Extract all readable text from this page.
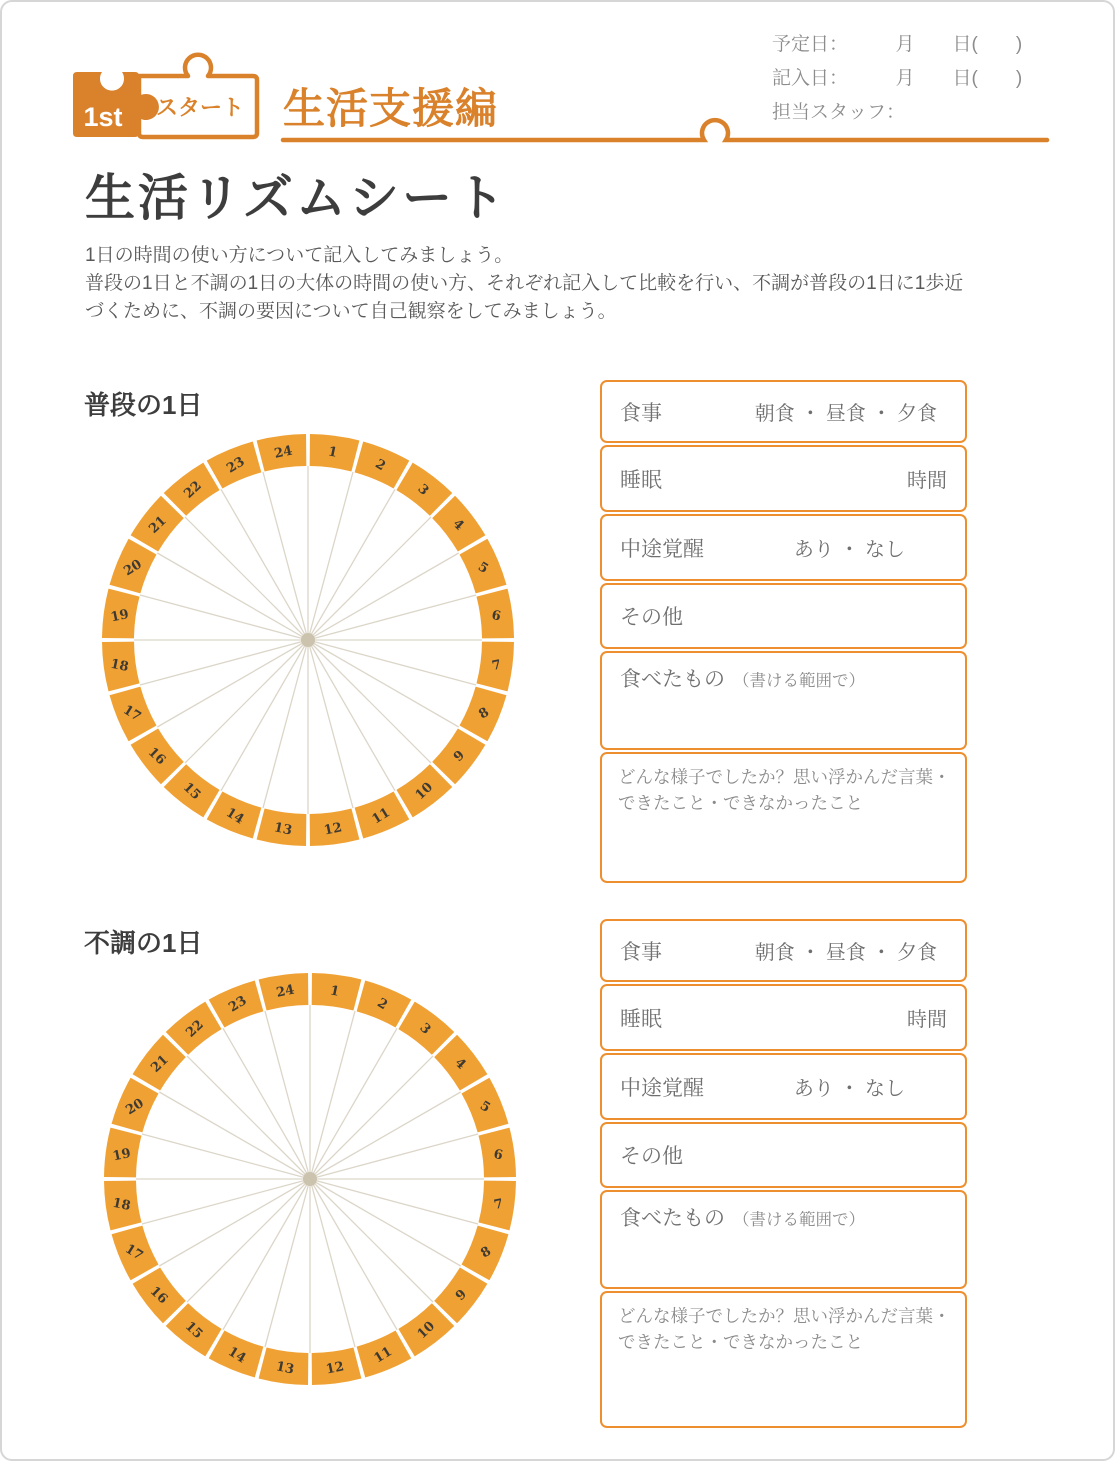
1st スタート 生活支援編
予定日：　　　月　　日(　　)
記入日：　　　月　　日(　　)
担当スタッフ：
生活リズムシート
1日の時間の使い方について記入してみましょう。
普段の1日と不調の1日の大体の時間の使い方、それぞれ記入して比較を行い、不調が普段の1日に1歩近
づくために、不調の要因について自己観察をしてみましょう。
普段の1日
1
2
3
4
5
6
7
8
9
10
11
12
13
14
15
16
17
18
19
20
21
22
23
24
食事	朝食 ・ 昼食 ・ 夕食
睡眠	時間
中途覚醒	あり ・ なし
その他
食べたもの （書ける範囲で）
どんな様子でしたか？思い浮かんだ言葉・できたこと・できなかったこと
不調の1日
1
2
3
4
5
6
7
8
9
10
11
12
13
14
15
16
17
18
19
20
21
22
23
24
食事	朝食 ・ 昼食 ・ 夕食
睡眠	時間
中途覚醒	あり ・ なし
その他
食べたもの （書ける範囲で）
どんな様子でしたか？思い浮かんだ言葉・できたこと・できなかったこと
